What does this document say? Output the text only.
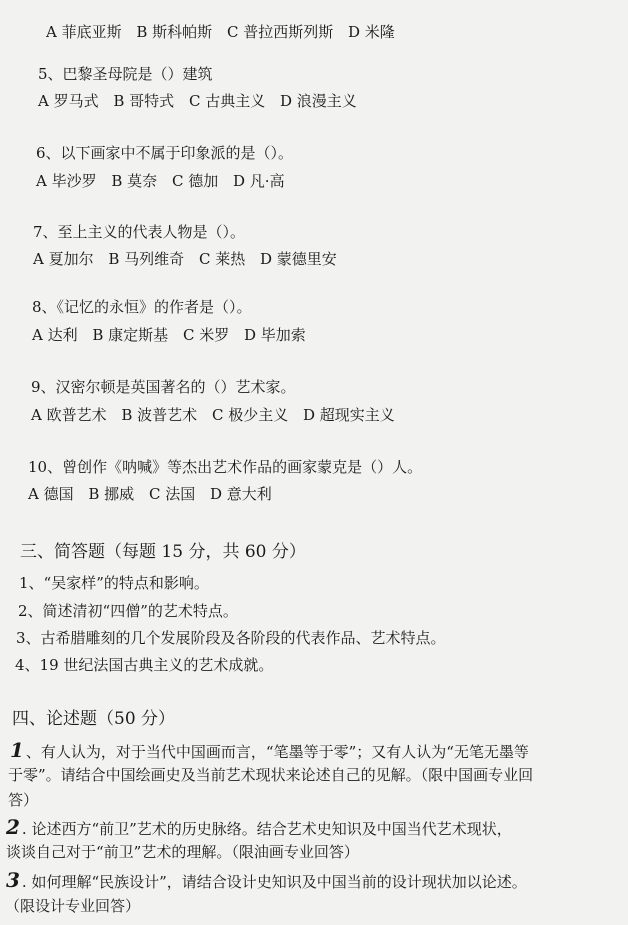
A 菲底亚斯 B 斯科帕斯 C 普拉西斯列斯 D 米隆
5、巴黎圣母院是（）建筑
A 罗马式 B 哥特式 C 古典主义 D 浪漫主义
6、以下画家中不属于印象派的是（）。
A 毕沙罗 B 莫奈 C 德加 D 凡·高
7、至上主义的代表人物是（）。
A 夏加尔 B 马列维奇 C 莱热 D 蒙德里安
8、《记忆的永恒》的作者是（）。
A 达利 B 康定斯基 C 米罗 D 毕加索
9、汉密尔顿是英国著名的（）艺术家。
A 欧普艺术 B 波普艺术 C 极少主义 D 超现实主义
10、曾创作《呐喊》等杰出艺术作品的画家蒙克是（）人。
A 德国 B 挪威 C 法国 D 意大利
三、简答题（每题 15 分，共 60 分）
1、“吴家样”的特点和影响。
2、简述清初“四僧”的艺术特点。
3、古希腊雕刻的几个发展阶段及各阶段的代表作品、艺术特点。
4、19 世纪法国古典主义的艺术成就。
四、论述题（50 分）
1 、有人认为，对于当代中国画而言，“笔墨等于零”；又有人认为“无笔无墨等
于零”。请结合中国绘画史及当前艺术现状来论述自己的见解。（限中国画专业回
答）
2 . 论述西方“前卫”艺术的历史脉络。结合艺术史知识及中国当代艺术现状，
谈谈自己对于“前卫”艺术的理解。（限油画专业回答）
3 . 如何理解“民族设计”，请结合设计史知识及中国当前的设计现状加以论述。
（限设计专业回答）
